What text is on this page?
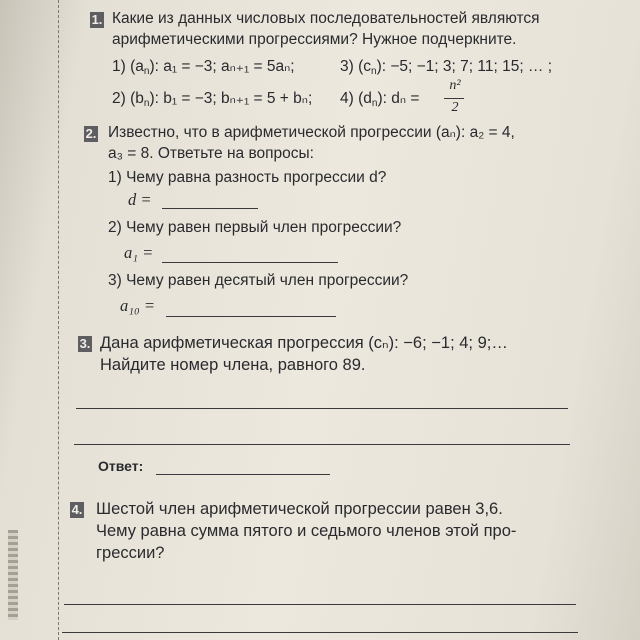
1. Какие из данных числовых последовательностей являются
арифметическими прогрессиями? Нужное подчеркните.
1) $(a_n)$: a₁ = −3; aₙ₊₁ = 5aₙ;	3) $(c_n)$: −5; −1; 3; 7; 11; 15; … ;
2) $(b_n)$: b₁ = −3; bₙ₊₁ = 5 + bₙ; 4) $(d_n)$: dₙ =
n²
2
2. Известно, что в арифметической прогрессии (aₙ): a₂ = 4,
a₃ = 8. Ответьте на вопросы:
1) Чему равна разность прогрессии d?
d =
2) Чему равен первый член прогрессии?
a₁ =
3) Чему равен десятый член прогрессии?
a₁₀ =
3. Дана арифметическая прогрессия (cₙ): −6; −1; 4; 9;…
Найдите номер члена, равного 89.
Ответ:
4. Шестой член арифметической прогрессии равен 3,6.
Чему равна сумма пятого и седьмого членов этой про-
грессии?
